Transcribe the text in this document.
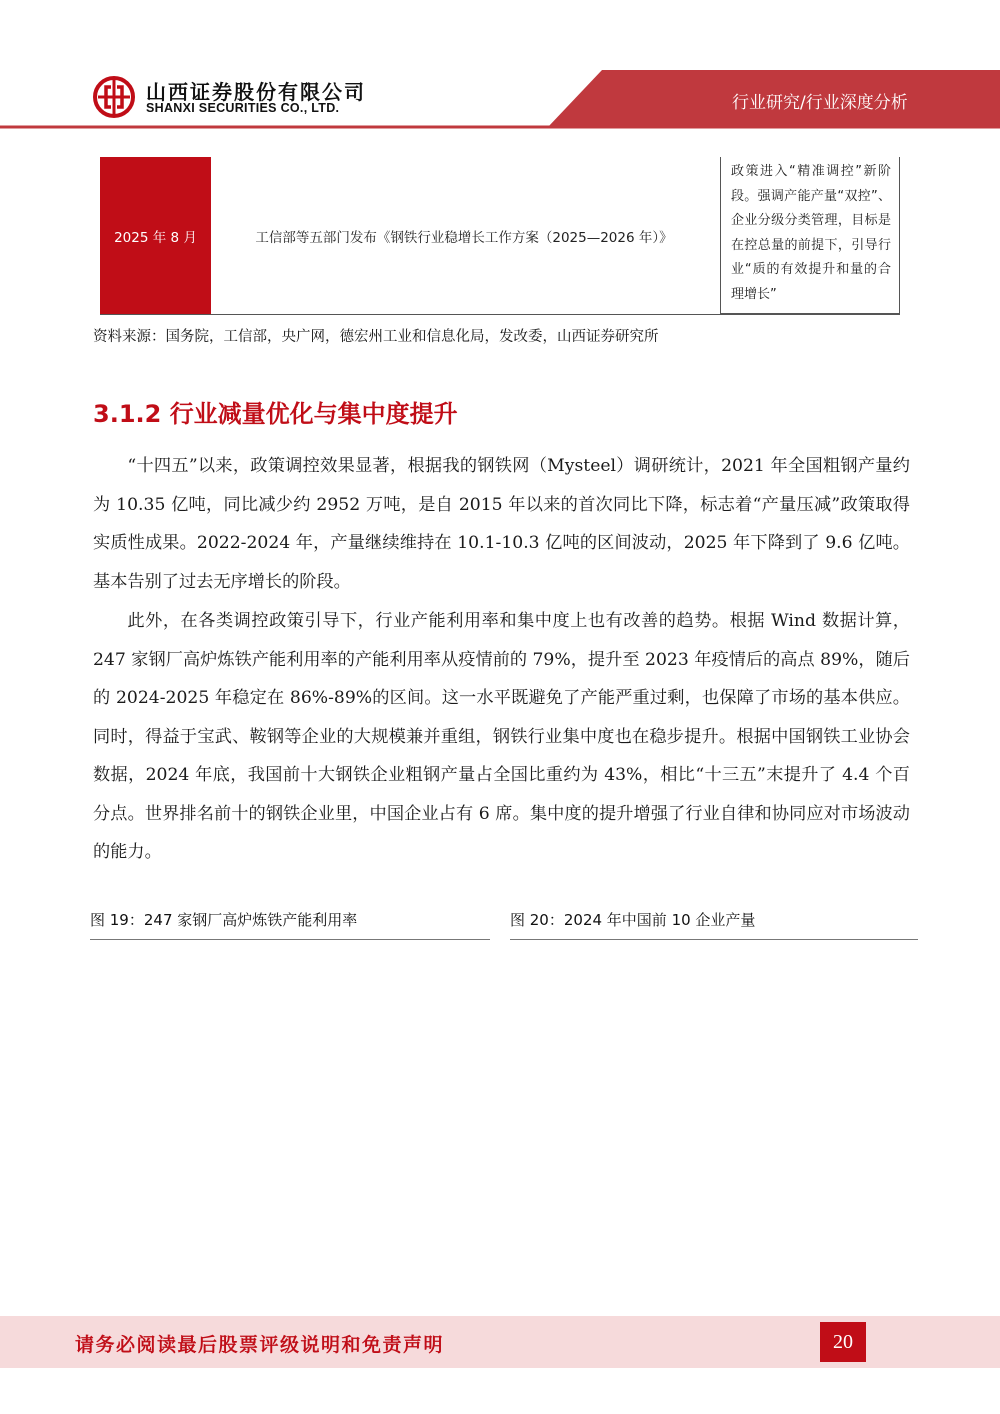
山西证券股份有限公司
SHANXI SECURITIES CO., LTD.	行业研究/行业深度分析
2025 年 8 月	工信部等五部门发布《钢铁行业稳增长工作方案（2025—2026 年）》
政策进入“精准调控”新阶段。强调产能产量“双控”、企业分级分类管理，目标是在控总量的前提下，引导行业“质的有效提升和量的合理增长”
资料来源：国务院，工信部，央广网，德宏州工业和信息化局，发改委，山西证券研究所
3.1.2 行业减量优化与集中度提升

“十四五”以来，政策调控效果显著，根据我的钢铁网（Mysteel）调研统计，2021 年全国粗钢产量约为 10.35 亿吨，同比减少约 2952 万吨，是自 2015 年以来的首次同比下降，标志着“产量压减”政策取得实质性成果。2022-2024 年，产量继续维持在 10.1-10.3 亿吨的区间波动，2025 年下降到了 9.6 亿吨。基本告别了过去无序增长的阶段。

此外，在各类调控政策引导下，行业产能利用率和集中度上也有改善的趋势。根据 Wind 数据计算，247 家钢厂高炉炼铁产能利用率的产能利用率从疫情前的 79%，提升至 2023 年疫情后的高点 89%，随后的 2024-2025 年稳定在 86%-89%的区间。这一水平既避免了产能严重过剩，也保障了市场的基本供应。同时，得益于宝武、鞍钢等企业的大规模兼并重组，钢铁行业集中度也在稳步提升。根据中国钢铁工业协会数据，2024 年底，我国前十大钢铁企业粗钢产量占全国比重约为 43%，相比“十三五”末提升了 4.4 个百分点。世界排名前十的钢铁企业里，中国企业占有 6 席。集中度的提升增强了行业自律和协同应对市场波动的能力。

图 19：247 家钢厂高炉炼铁产能利用率	图 20：2024 年中国前 10 企业产量
请务必阅读最后股票评级说明和免责声明	20
